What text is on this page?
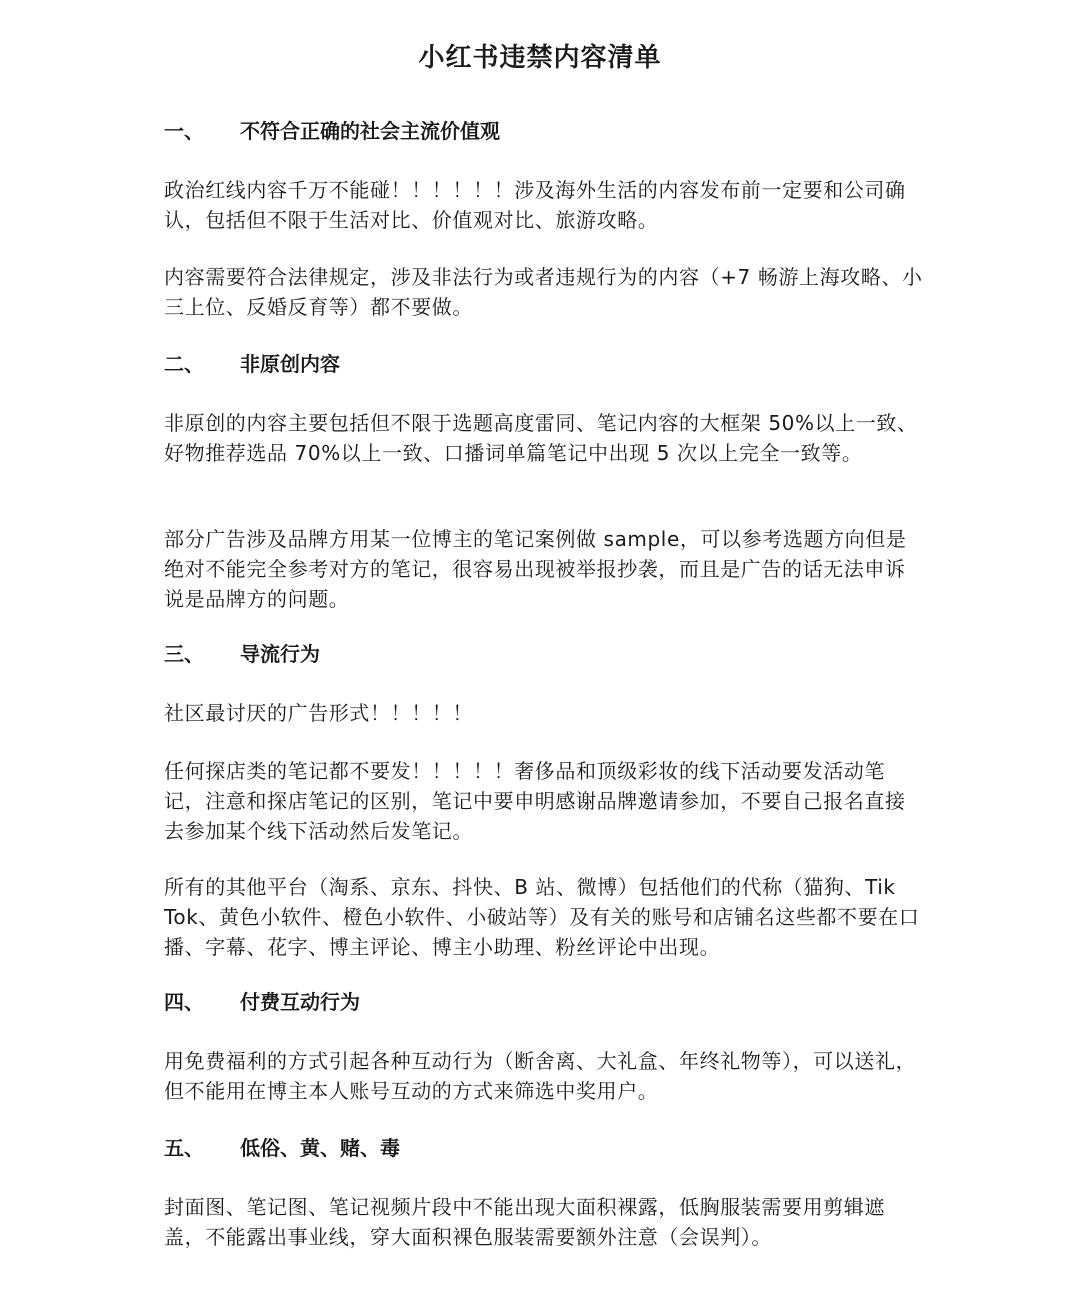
小红书违禁内容清单
一、 不符合正确的社会主流价值观

政治红线内容千万不能碰！！！！！！涉及海外生活的内容发布前一定要和公司确认，包括但不限于生活对比、价值观对比、旅游攻略。

内容需要符合法律规定，涉及非法行为或者违规行为的内容（+7 畅游上海攻略、小三上位、反婚反育等）都不要做。

二、 非原创内容

非原创的内容主要包括但不限于选题高度雷同、笔记内容的大框架 50%以上一致、好物推荐选品 70%以上一致、口播词单篇笔记中出现 5 次以上完全一致等。

部分广告涉及品牌方用某一位博主的笔记案例做 sample，可以参考选题方向但是绝对不能完全参考对方的笔记，很容易出现被举报抄袭，而且是广告的话无法申诉说是品牌方的问题。

三、 导流行为

社区最讨厌的广告形式！！！！！

任何探店类的笔记都不要发！！！！！奢侈品和顶级彩妆的线下活动要发活动笔记，注意和探店笔记的区别，笔记中要申明感谢品牌邀请参加，不要自己报名直接去参加某个线下活动然后发笔记。

所有的其他平台（淘系、京东、抖快、B 站、微博）包括他们的代称（猫狗、Tik Tok、黄色小软件、橙色小软件、小破站等）及有关的账号和店铺名这些都不要在口播、字幕、花字、博主评论、博主小助理、粉丝评论中出现。

四、 付费互动行为

用免费福利的方式引起各种互动行为（断舍离、大礼盒、年终礼物等），可以送礼，但不能用在博主本人账号互动的方式来筛选中奖用户。

五、 低俗、黄、赌、毒

封面图、笔记图、笔记视频片段中不能出现大面积裸露，低胸服装需要用剪辑遮盖，不能露出事业线，穿大面积裸色服装需要额外注意（会误判）。
